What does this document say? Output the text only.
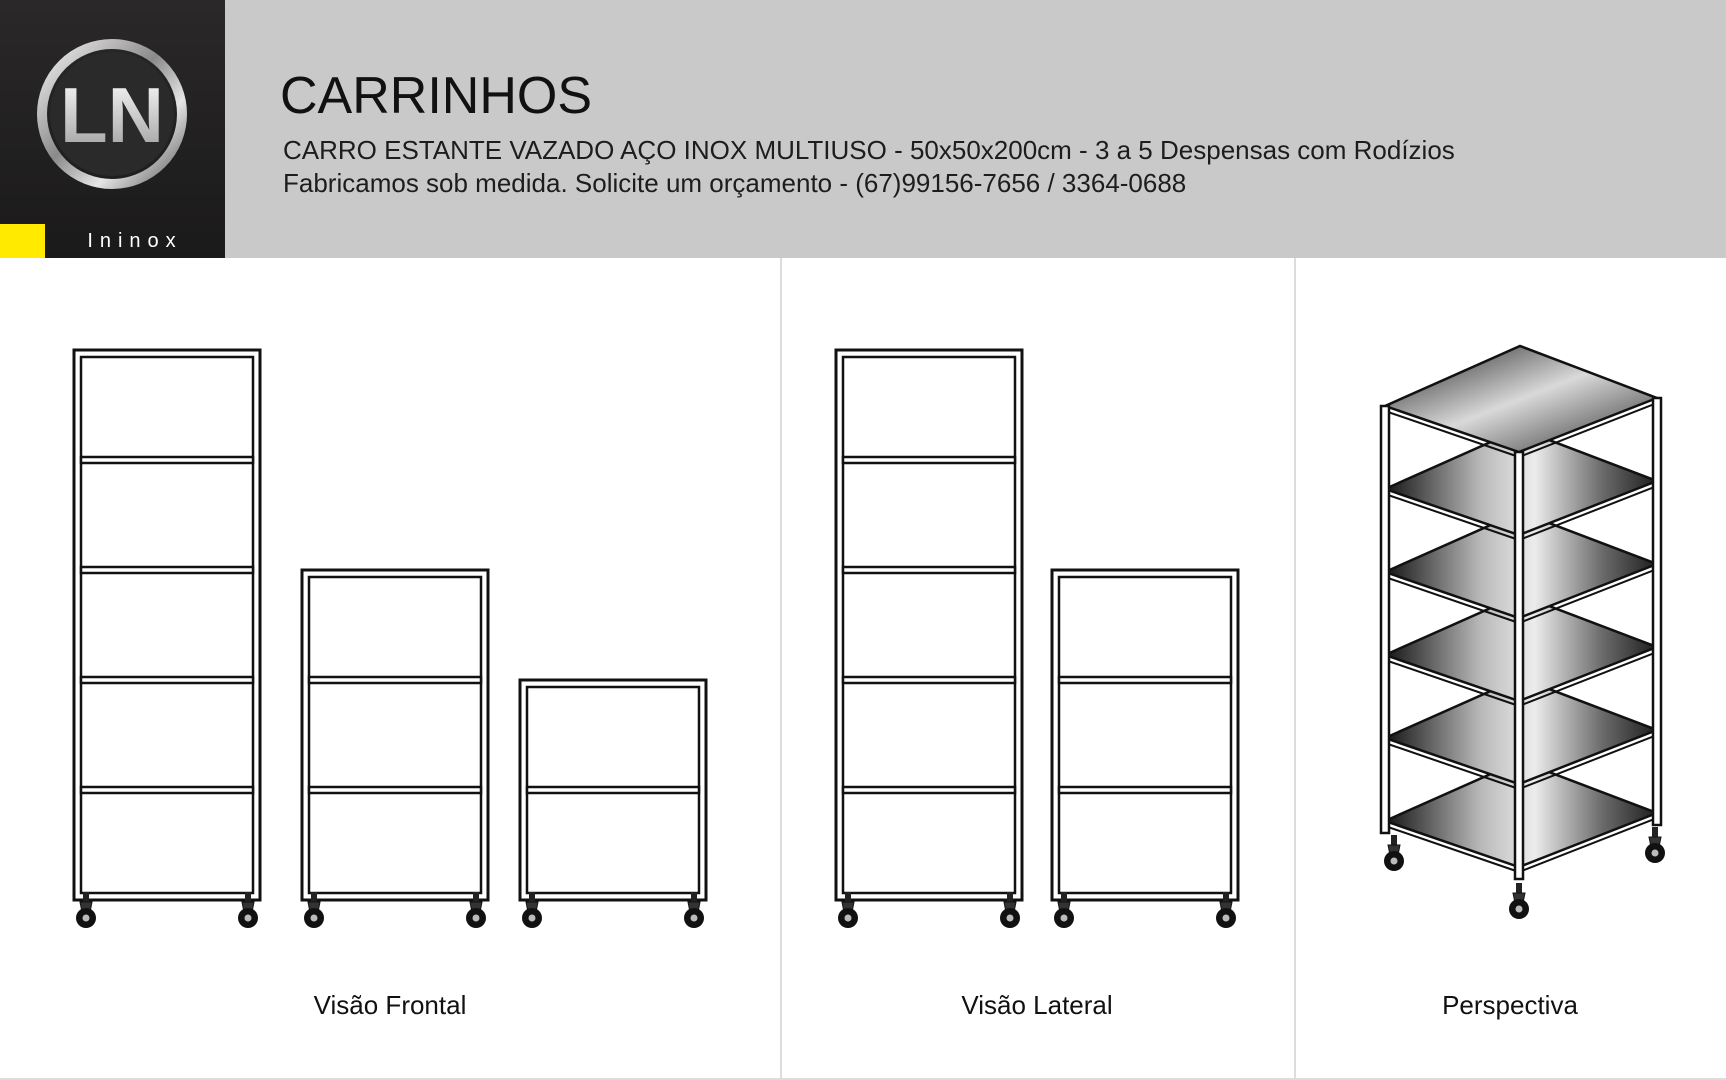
LN
Ininox
CARRINHOS
CARRO ESTANTE VAZADO AÇO INOX MULTIUSO - 50x50x200cm - 3 a 5 Despensas com Rodízios
Fabricamos sob medida. Solicite um orçamento - (67)99156-7656 / 3364-0688
Visão Frontal	Visão Lateral	Perspectiva
